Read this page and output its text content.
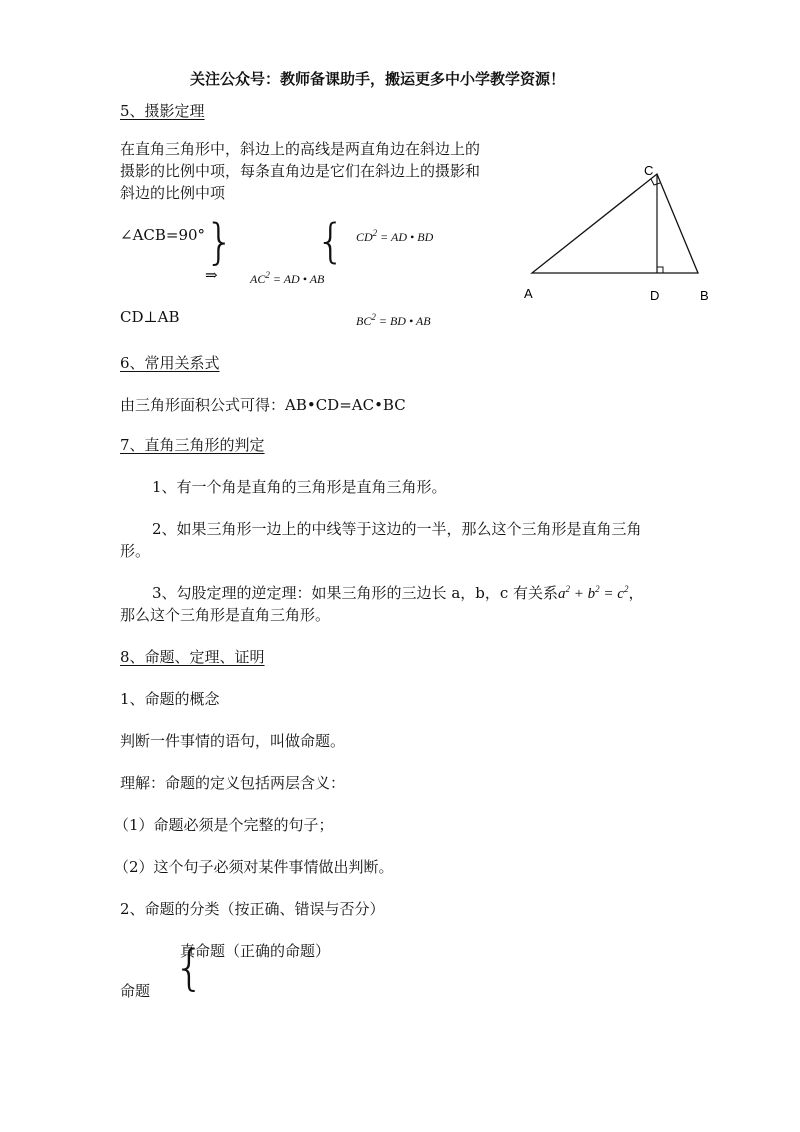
关注公众号：教师备课助手，搬运更多中小学教学资源！
5、摄影定理
在直角三角形中，斜边上的高线是两直角边在斜边上的
摄影的比例中项，每条直角边是它们在斜边上的摄影和
斜边的比例中项
∠ACB=90° }
⇒
CD⊥AB
{ $CD^2$ = AD • BD
$AC^2$ = AD • AB
$BC^2$ = BD • AB
C
A	D	B
6、常用关系式
由三角形面积公式可得：AB•CD=AC•BC
7、直角三角形的判定
1、有一个角是直角的三角形是直角三角形。
2、如果三角形一边上的中线等于这边的一半，那么这个三角形是直角三角
形。
3、勾股定理的逆定理：如果三角形的三边长 a，b，c 有关系$a^2 + b^2 = c^2$，
那么这个三角形是直角三角形。
8、命题、定理、证明
1、命题的概念
判断一件事情的语句，叫做命题。
理解：命题的定义包括两层含义：
（1）命题必须是个完整的句子；
（2）这个句子必须对某件事情做出判断。
2、命题的分类（按正确、错误与否分）
{
真命题（正确的命题）
命题
